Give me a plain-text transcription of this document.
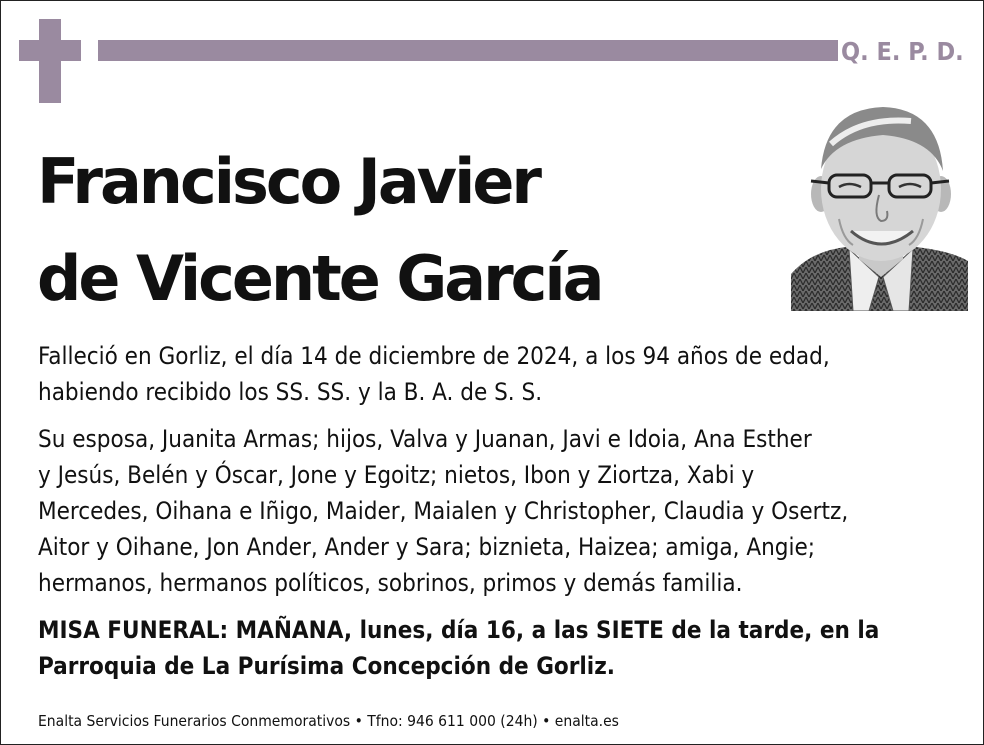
Q. E. P. D.
Francisco Javier
de Vicente García
Falleció en Gorliz, el día 14 de diciembre de 2024, a los 94 años de edad,
habiendo recibido los SS. SS. y la B. A. de S. S.
Su esposa, Juanita Armas; hijos, Valva y Juanan, Javi e Idoia, Ana Esther
y Jesús, Belén y Óscar, Jone y Egoitz; nietos, Ibon y Ziortza, Xabi y
Mercedes, Oihana e Iñigo, Maider, Maialen y Christopher, Claudia y Osertz,
Aitor y Oihane, Jon Ander, Ander y Sara; biznieta, Haizea; amiga, Angie;
hermanos, hermanos políticos, sobrinos, primos y demás familia.
MISA FUNERAL: MAÑANA, lunes, día 16, a las SIETE de la tarde, en la
Parroquia de La Purísima Concepción de Gorliz.
Enalta Servicios Funerarios Conmemorativos • Tfno: 946 611 000 (24h) • enalta.es
